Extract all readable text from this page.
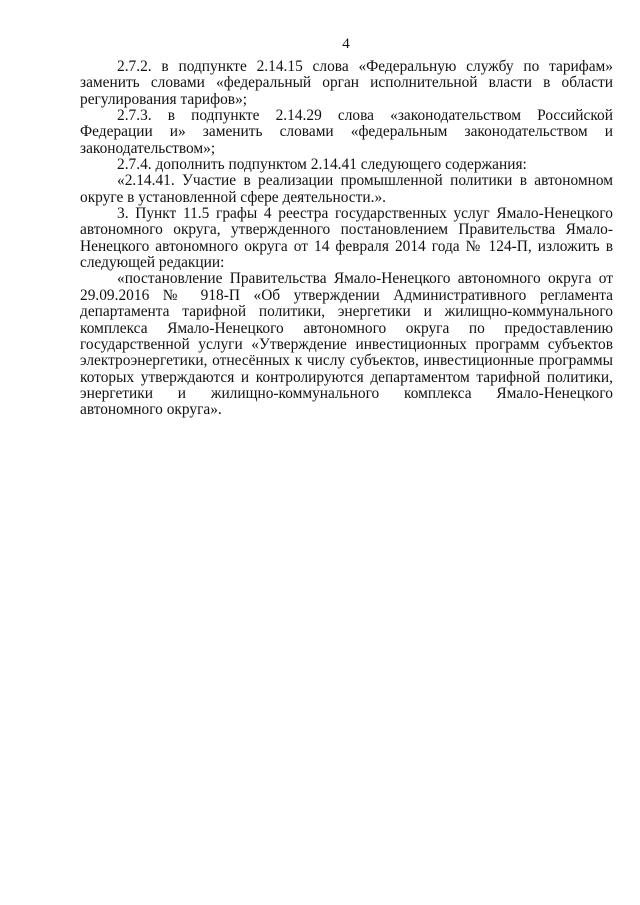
4

2.7.2. в подпункте 2.14.15 слова «Федеральную службу по тарифам» заменить словами «федеральный орган исполнительной власти в области регулирования тарифов»;

2.7.3. в подпункте 2.14.29 слова «законодательством Российской Федерации и» заменить словами «федеральным законодательством и законодательством»;

2.7.4. дополнить подпунктом 2.14.41 следующего содержания:

«2.14.41. Участие в реализации промышленной политики в автономном округе в установленной сфере деятельности.».

3. Пункт 11.5 графы 4 реестра государственных услуг Ямало-Ненецкого автономного округа, утвержденного постановлением Правительства Ямало-Ненецкого автономного округа от 14 февраля 2014 года № 124-П, изложить в следующей редакции:

«постановление Правительства Ямало-Ненецкого автономного округа от 29.09.2016 № 918-П «Об утверждении Административного регламента департамента тарифной политики, энергетики и жилищно-коммунального комплекса Ямало-Ненецкого автономного округа по предоставлению государственной услуги «Утверждение инвестиционных программ субъектов электроэнергетики, отнесённых к числу субъектов, инвестиционные программы которых утверждаются и контролируются департаментом тарифной политики, энергетики и жилищно-коммунального комплекса Ямало-Ненецкого автономного округа».
